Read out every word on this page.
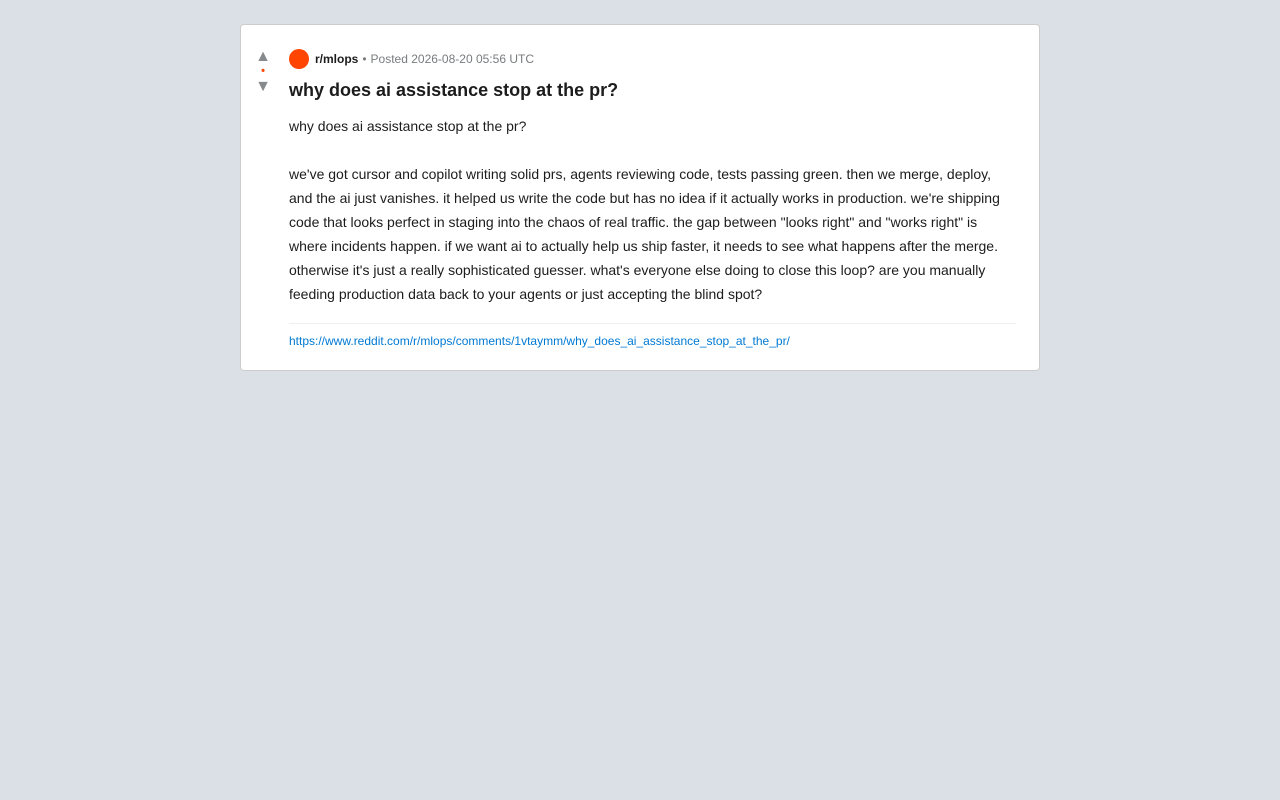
▲
•
▼
r/mlops • Posted 2026-08-20 05:56 UTC
why does ai assistance stop at the pr?

why does ai assistance stop at the pr?

we've got cursor and copilot writing solid prs, agents reviewing code, tests passing green. then we merge, deploy, and the ai just vanishes. it helped us write the code but has no idea if it actually works in production. we're shipping code that looks perfect in staging into the chaos of real traffic. the gap between "looks right" and "works right" is where incidents happen. if we want ai to actually help us ship faster, it needs to see what happens after the merge. otherwise it's just a really sophisticated guesser. what's everyone else doing to close this loop? are you manually feeding production data back to your agents or just accepting the blind spot?

https://www.reddit.com/r/mlops/comments/1vtaymm/why_does_ai_assistance_stop_at_the_pr/
